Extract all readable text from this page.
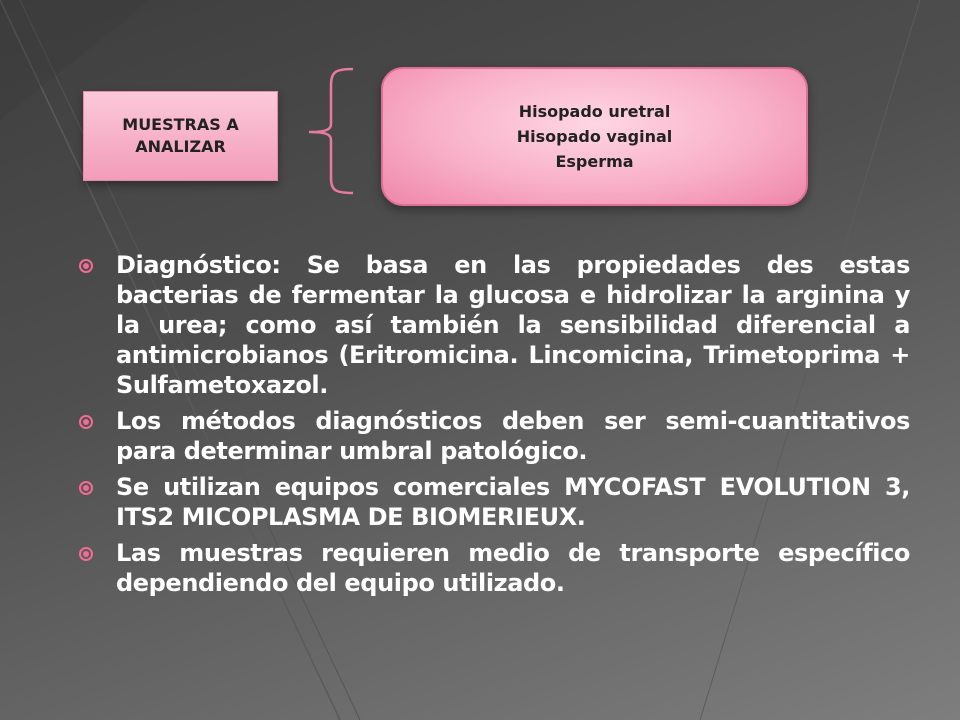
MUESTRAS A ANALIZAR
Hisopado uretral
Hisopado vaginal
Esperma
Diagnóstico: Se basa en las propiedades des estas bacterias de fermentar la glucosa e hidrolizar la arginina y la urea; como así también la sensibilidad diferencial a antimicrobianos (Eritromicina. Lincomicina, Trimetoprima + Sulfametoxazol.
Los métodos diagnósticos deben ser semi-cuantitativos para determinar umbral patológico.
Se utilizan equipos comerciales MYCOFAST EVOLUTION 3, ITS2 MICOPLASMA DE BIOMERIEUX.
Las muestras requieren medio de transporte específico dependiendo del equipo utilizado.
